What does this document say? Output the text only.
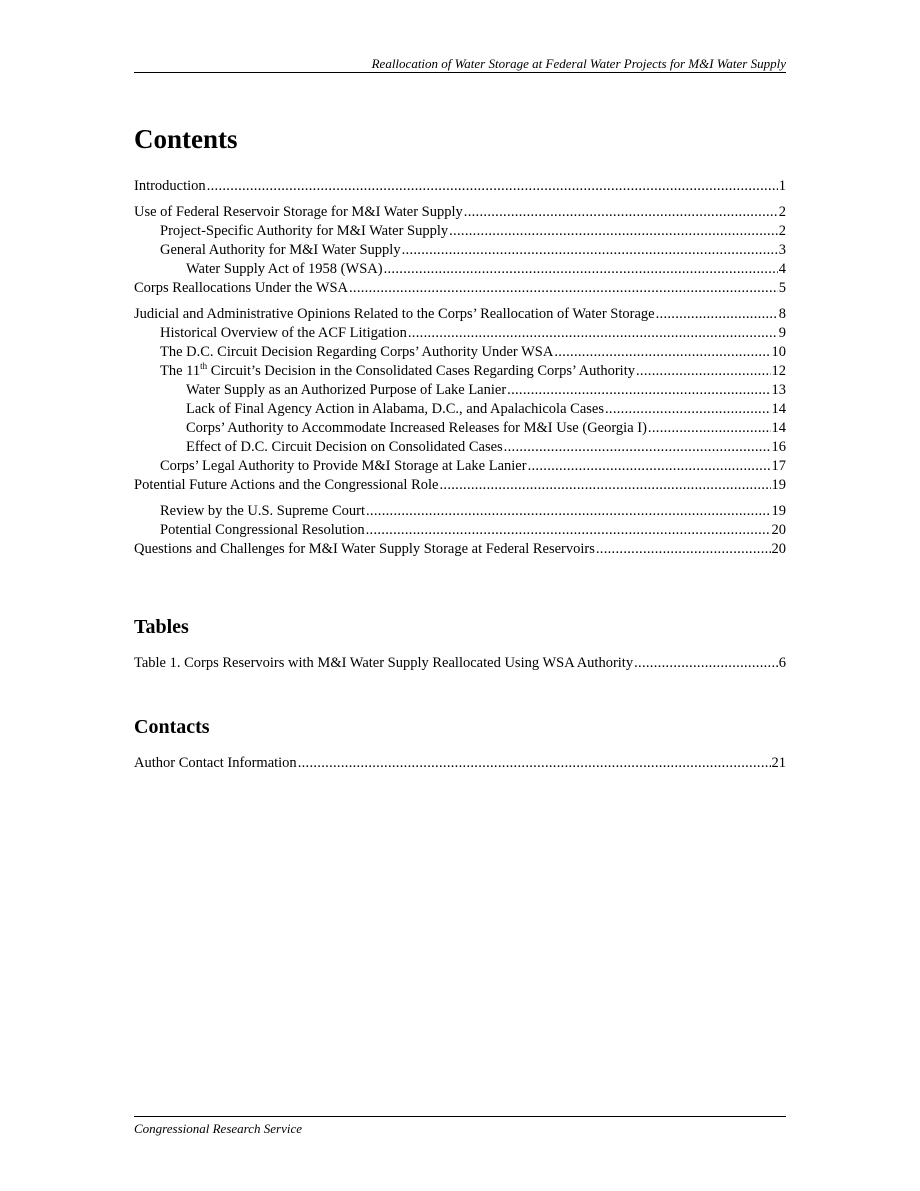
Reallocation of Water Storage at Federal Water Projects for M&I Water Supply
Contents
Introduction .....	1
Use of Federal Reservoir Storage for M&I Water Supply .....	2
Project-Specific Authority for M&I Water Supply .....	2
General Authority for M&I Water Supply .....	3
Water Supply Act of 1958 (WSA) .....	4
Corps Reallocations Under the WSA .....	5
Judicial and Administrative Opinions Related to the Corps’ Reallocation of Water Storage .....	8
Historical Overview of the ACF Litigation .....	9
The D.C. Circuit Decision Regarding Corps’ Authority Under WSA .....	10
The 11th Circuit’s Decision in the Consolidated Cases Regarding Corps’ Authority .....	12
Water Supply as an Authorized Purpose of Lake Lanier .....	13
Lack of Final Agency Action in Alabama, D.C., and Apalachicola Cases .....	14
Corps’ Authority to Accommodate Increased Releases for M&I Use (Georgia I) .....	14
Effect of D.C. Circuit Decision on Consolidated Cases .....	16
Corps’ Legal Authority to Provide M&I Storage at Lake Lanier .....	17
Potential Future Actions and the Congressional Role .....	19
Review by the U.S. Supreme Court .....	19
Potential Congressional Resolution .....	20
Questions and Challenges for M&I Water Supply Storage at Federal Reservoirs .....	20
Tables
Table 1. Corps Reservoirs with M&I Water Supply Reallocated Using WSA Authority .....	6
Contacts
Author Contact Information .....	21
Congressional Research Service
